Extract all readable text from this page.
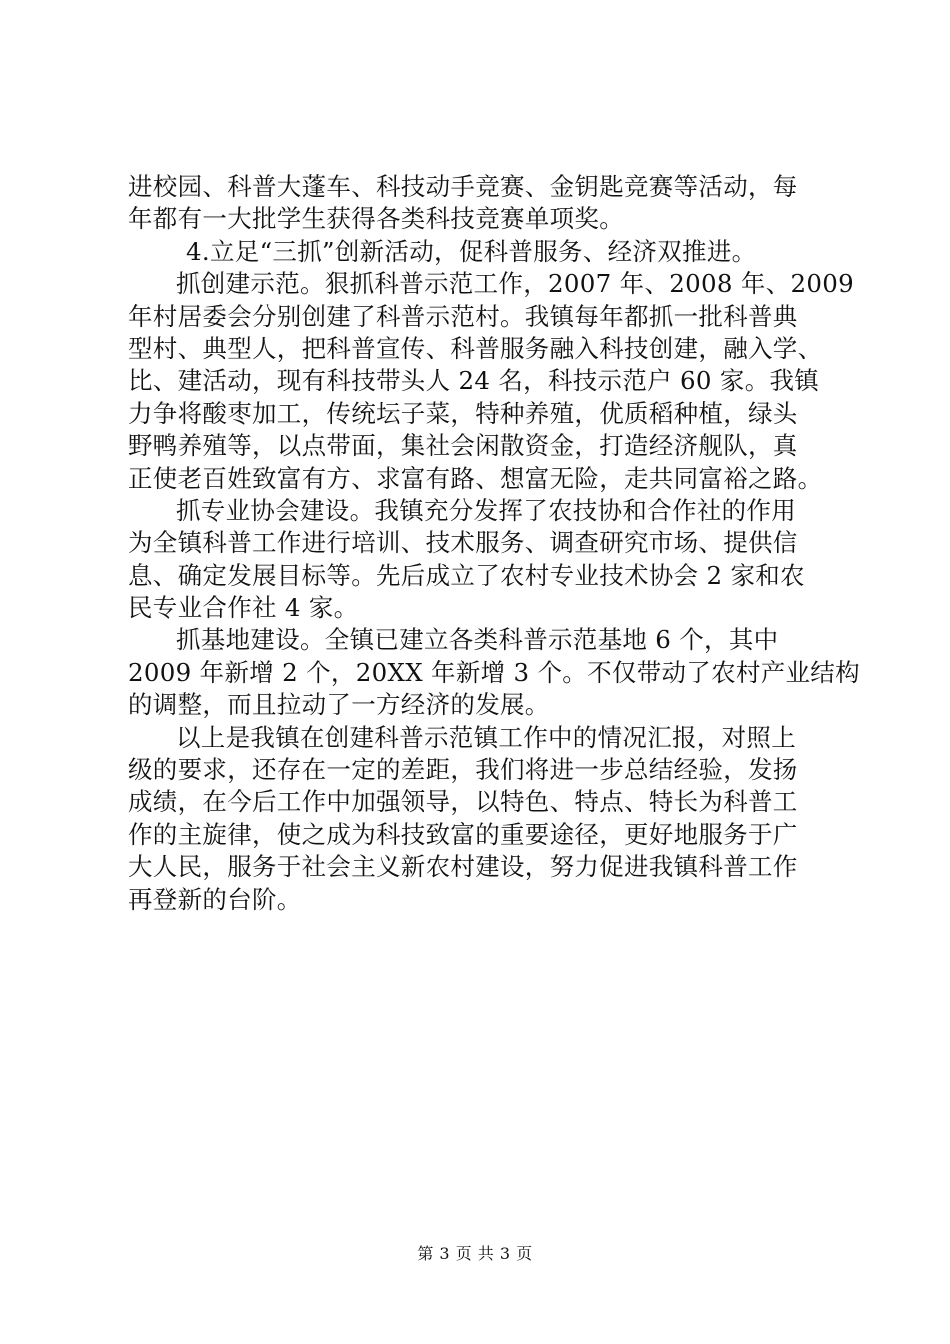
进校园、科普大蓬车、科技动手竞赛、金钥匙竞赛等活动，每
年都有一大批学生获得各类科技竞赛单项奖。
4.立足“三抓”创新活动，促科普服务、经济双推进。
抓创建示范。狠抓科普示范工作，2007 年、2008 年、2009
年村居委会分别创建了科普示范村。我镇每年都抓一批科普典
型村、典型人，把科普宣传、科普服务融入科技创建，融入学、
比、建活动，现有科技带头人 24 名，科技示范户 60 家。我镇
力争将酸枣加工，传统坛子菜，特种养殖，优质稻种植，绿头
野鸭养殖等，以点带面，集社会闲散资金，打造经济舰队，真
正使老百姓致富有方、求富有路、想富无险，走共同富裕之路。
抓专业协会建设。我镇充分发挥了农技协和合作社的作用
为全镇科普工作进行培训、技术服务、调查研究市场、提供信
息、确定发展目标等。先后成立了农村专业技术协会 2 家和农
民专业合作社 4 家。
抓基地建设。全镇已建立各类科普示范基地 6 个，其中
2009 年新增 2 个，20XX 年新增 3 个。不仅带动了农村产业结构
的调整，而且拉动了一方经济的发展。
以上是我镇在创建科普示范镇工作中的情况汇报，对照上
级的要求，还存在一定的差距，我们将进一步总结经验，发扬
成绩，在今后工作中加强领导，以特色、特点、特长为科普工
作的主旋律，使之成为科技致富的重要途径，更好地服务于广
大人民，服务于社会主义新农村建设，努力促进我镇科普工作
再登新的台阶。
第 3 页 共 3 页
